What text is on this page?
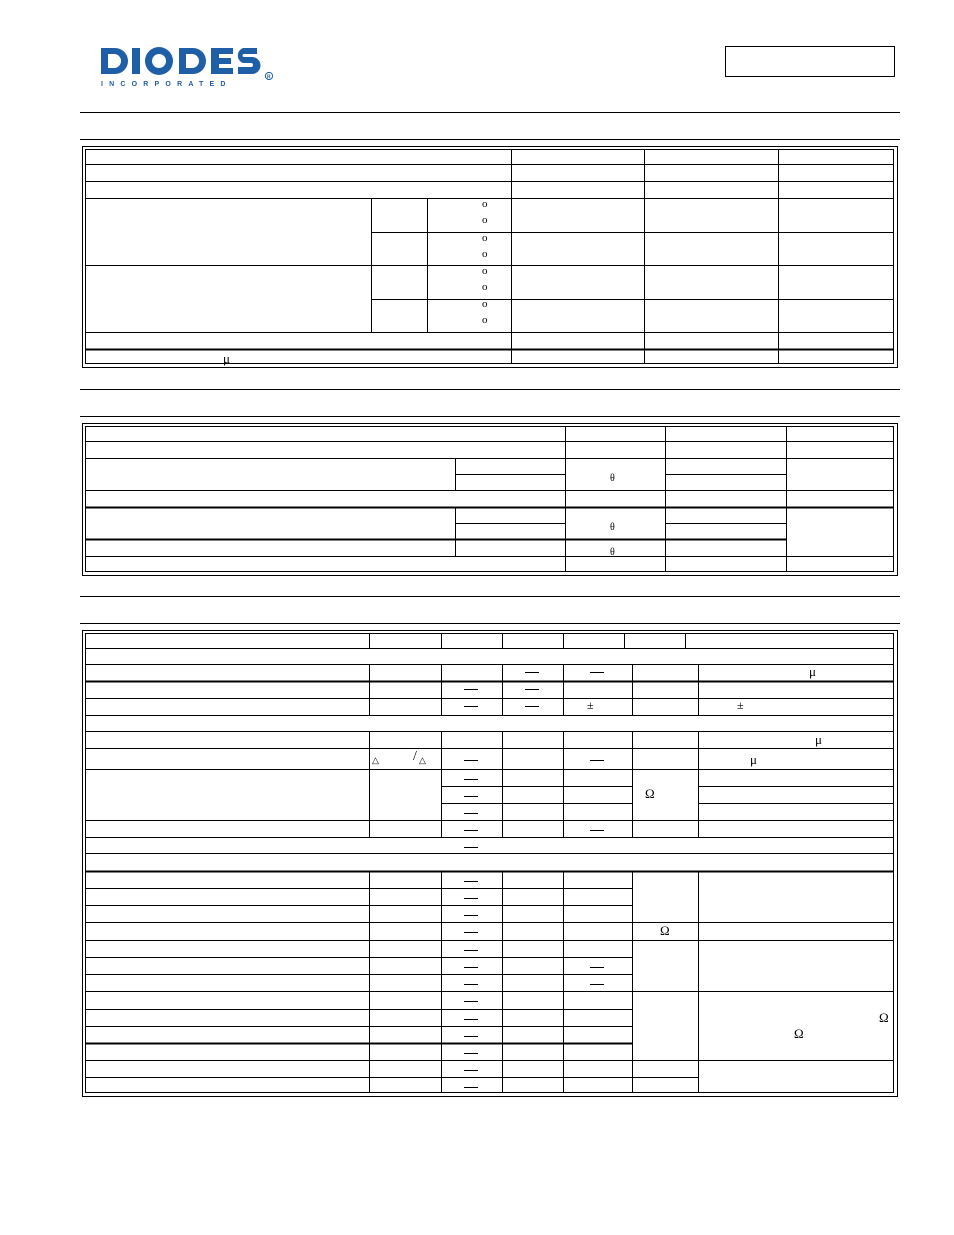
INCORPORATED
R
o
o
o
o
o
o
o
o
μ
θ
θ
θ
μ
±	±
μ
△ / △	μ
Ω
Ω
Ω
Ω
